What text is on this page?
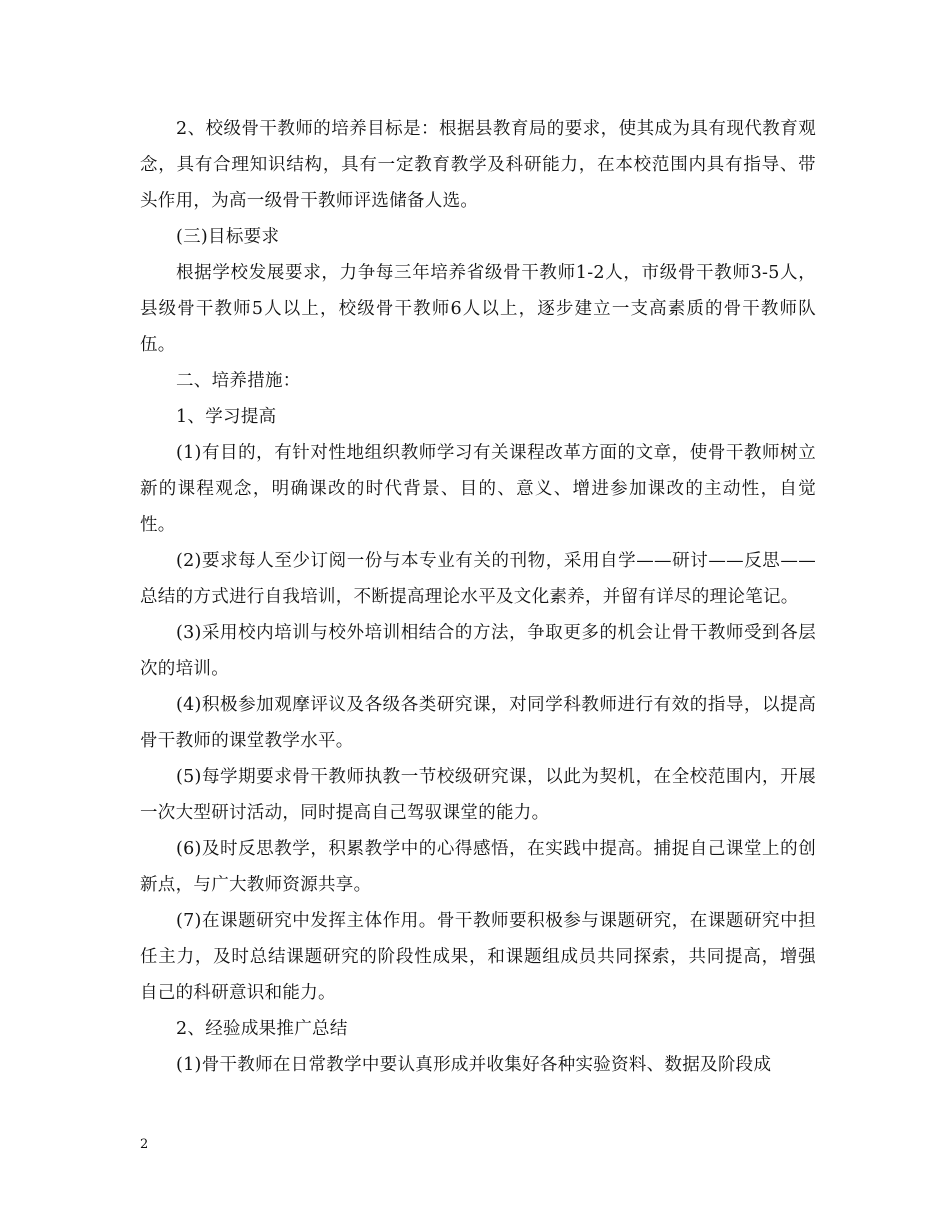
2、校级骨干教师的培养目标是：根据县教育局的要求，使其成为具有现代教育观念，具有合理知识结构，具有一定教育教学及科研能力，在本校范围内具有指导、带头作用，为高一级骨干教师评选储备人选。

(三)目标要求

根据学校发展要求，力争每三年培养省级骨干教师1-2人，市级骨干教师3-5人，县级骨干教师5人以上，校级骨干教师6人以上，逐步建立一支高素质的骨干教师队伍。

二、培养措施：

1、学习提高

(1)有目的，有针对性地组织教师学习有关课程改革方面的文章，使骨干教师树立新的课程观念，明确课改的时代背景、目的、意义、增进参加课改的主动性，自觉性。

(2)要求每人至少订阅一份与本专业有关的刊物，采用自学——研讨——反思——总结的方式进行自我培训，不断提高理论水平及文化素养，并留有详尽的理论笔记。

(3)采用校内培训与校外培训相结合的方法，争取更多的机会让骨干教师受到各层次的培训。

(4)积极参加观摩评议及各级各类研究课，对同学科教师进行有效的指导，以提高骨干教师的课堂教学水平。

(5)每学期要求骨干教师执教一节校级研究课，以此为契机，在全校范围内，开展一次大型研讨活动，同时提高自己驾驭课堂的能力。

(6)及时反思教学，积累教学中的心得感悟，在实践中提高。捕捉自己课堂上的创新点，与广大教师资源共享。

(7)在课题研究中发挥主体作用。骨干教师要积极参与课题研究，在课题研究中担任主力，及时总结课题研究的阶段性成果，和课题组成员共同探索，共同提高，增强自己的科研意识和能力。

2、经验成果推广总结

(1)骨干教师在日常教学中要认真形成并收集好各种实验资料、数据及阶段成

2
